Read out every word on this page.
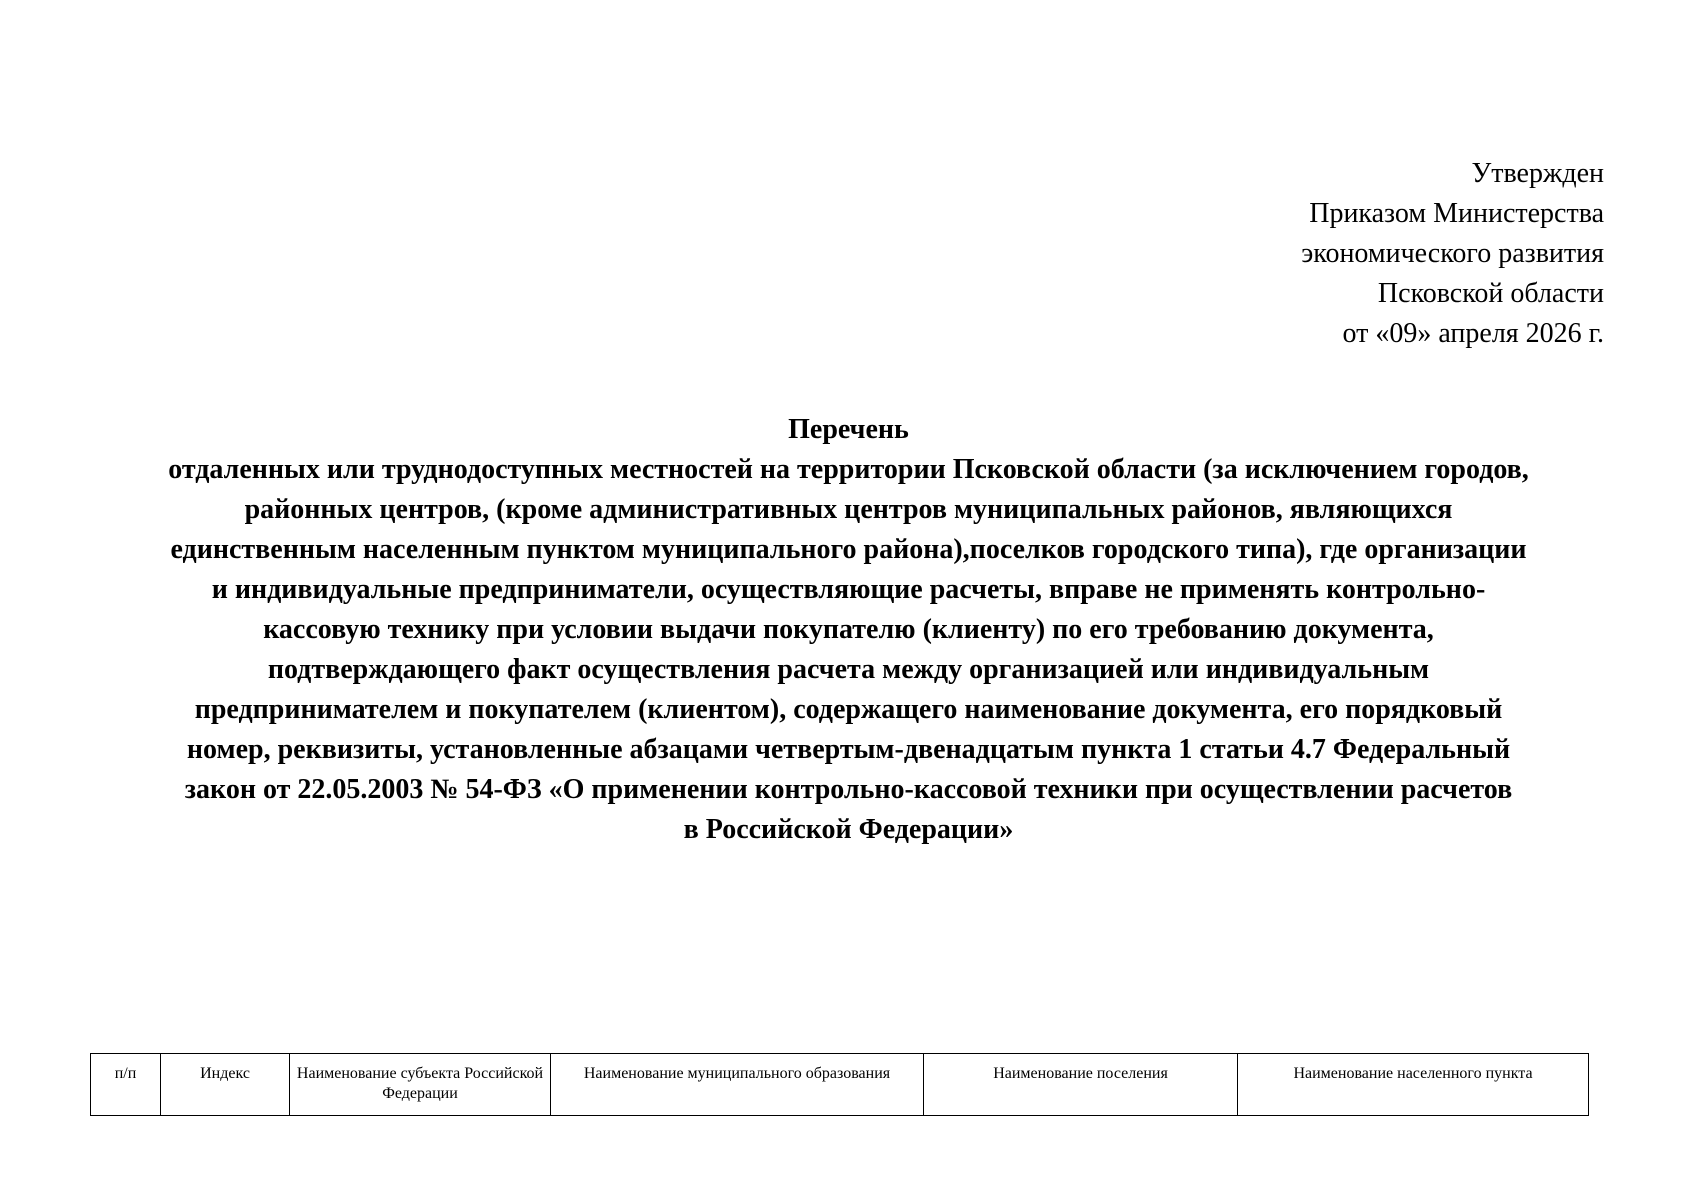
Утвержден
Приказом Министерства
экономического развития
Псковской области
от «09» апреля 2026 г.
Перечень
отдаленных или труднодоступных местностей на территории Псковской области (за исключением городов,
районных центров, (кроме административных центров муниципальных районов, являющихся
единственным населенным пунктом муниципального района),поселков городского типа), где организации
и индивидуальные предприниматели, осуществляющие расчеты, вправе не применять контрольно-
кассовую технику при условии выдачи покупателю (клиенту) по его требованию документа,
подтверждающего факт осуществления расчета между организацией или индивидуальным
предпринимателем и покупателем (клиентом), содержащего наименование документа, его порядковый
номер, реквизиты, установленные абзацами четвертым-двенадцатым пункта 1 статьи 4.7 Федеральный
закон от 22.05.2003 № 54-ФЗ «О применении контрольно-кассовой техники при осуществлении расчетов
в Российской Федерации»
п/п	Индекс	Наименование субъекта Российской Федерации	Наименование муниципального образования	Наименование поселения	Наименование населенного пункта
